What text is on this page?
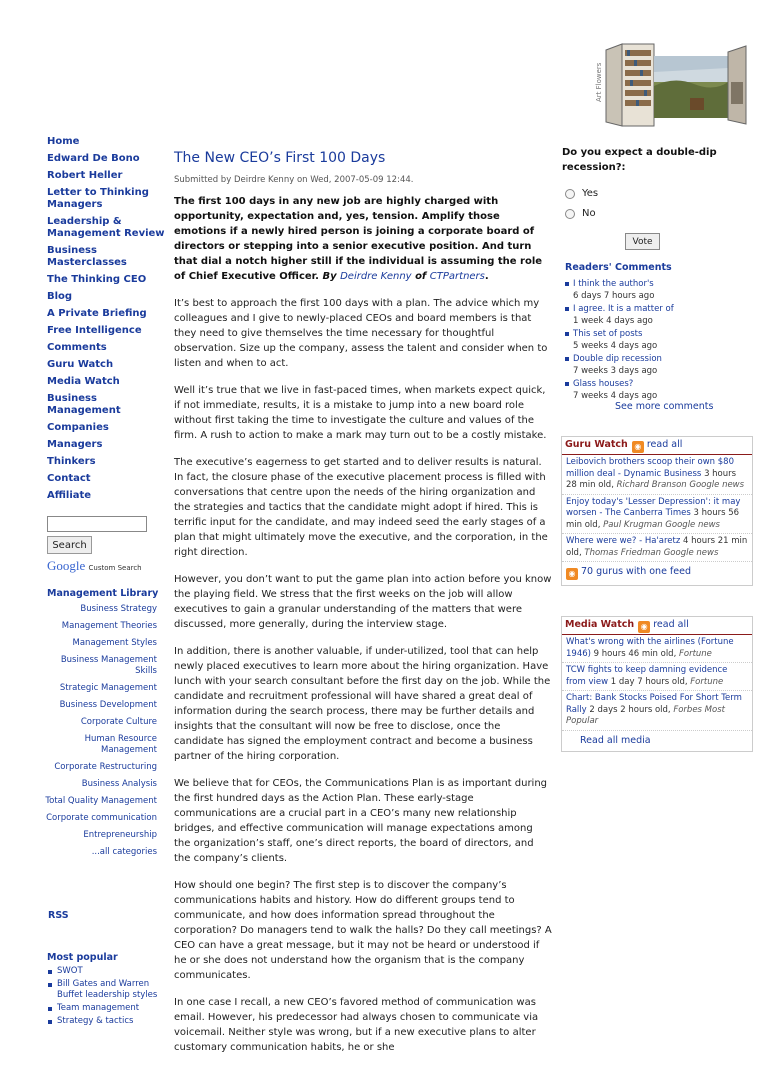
Art Flowers
Home
Edward De Bono
Robert Heller
Letter to Thinking Managers
Leadership & Management Review
Business Masterclasses
The Thinking CEO
Blog
A Private Briefing
Free Intelligence
Comments
Guru Watch
Media Watch
Business Management
Companies
Managers
Thinkers
Contact
Affiliate
Search
Google Custom Search
Management Library
Business Strategy
Management Theories
Management Styles
Business Management Skills
Strategic Management
Business Development
Corporate Culture
Human Resource Management
Corporate Restructuring
Business Analysis
Total Quality Management
Corporate communication
Entrepreneurship
...all categories
RSS
Most popular
SWOT
Bill Gates and Warren Buffet leadership styles
Team management
Strategy & tactics
The New CEO’s First 100 Days
Submitted by Deirdre Kenny on Wed, 2007-05-09 12:44.
The first 100 days in any new job are highly charged with opportunity, expectation and, yes, tension. Amplify those emotions if a newly hired person is joining a corporate board of directors or stepping into a senior executive position. And turn that dial a notch higher still if the individual is assuming the role of Chief Executive Officer. By Deirdre Kenny of CTPartners.

It’s best to approach the first 100 days with a plan. The advice which my colleagues and I give to newly-placed CEOs and board members is that they need to give themselves the time necessary for thoughtful observation. Size up the company, assess the talent and consider when to listen and when to act.

Well it’s true that we live in fast-paced times, when markets expect quick, if not immediate, results, it is a mistake to jump into a new board role without first taking the time to investigate the culture and values of the firm. A rush to action to make a mark may turn out to be a costly mistake.

The executive’s eagerness to get started and to deliver results is natural. In fact, the closure phase of the executive placement process is filled with conversations that centre upon the needs of the hiring organization and the strategies and tactics that the candidate might adopt if hired. This is terrific input for the candidate, and may indeed seed the early stages of a plan that might ultimately move the executive, and the corporation, in the right direction.

However, you don’t want to put the game plan into action before you know the playing field. We stress that the first weeks on the job will allow executives to gain a granular understanding of the matters that were discussed, more generally, during the interview stage.

In addition, there is another valuable, if under-utilized, tool that can help newly placed executives to learn more about the hiring organization. Have lunch with your search consultant before the first day on the job. While the candidate and recruitment professional will have shared a great deal of information during the search process, there may be further details and insights that the consultant will now be free to disclose, once the candidate has signed the employment contract and become a business partner of the hiring corporation.

We believe that for CEOs, the Communications Plan is as important during the first hundred days as the Action Plan. These early-stage communications are a crucial part in a CEO’s many new relationship bridges, and effective communication will manage expectations among the organization’s staff, one’s direct reports, the board of directors, and the company’s clients.

How should one begin? The first step is to discover the company’s communications habits and history. How do different groups tend to communicate, and how does information spread throughout the corporation? Do managers tend to walk the halls? Do they call meetings? A CEO can have a great message, but it may not be heard or understood if he or she does not understand how the organism that is the company communicates.

In one case I recall, a new CEO’s favored method of communication was email. However, his predecessor had always chosen to communicate via voicemail. Neither style was wrong, but if a new executive plans to alter customary communication habits, he or she

Do you expect a double-dip recession?:
Yes
No
Vote
Readers' Comments
I think the author's
6 days 7 hours ago
I agree. It is a matter of
1 week 4 days ago
This set of posts
5 weeks 4 days ago
Double dip recession
7 weeks 3 days ago
Glass houses?
7 weeks 4 days ago
See more comments
Guru Watch ◉ read all
Leibovich brothers scoop their own $80 million deal - Dynamic Business 3 hours 28 min old, Richard Branson Google news
Enjoy today's 'Lesser Depression': it may worsen - The Canberra Times 3 hours 56 min old, Paul Krugman Google news
Where were we? - Ha'aretz 4 hours 21 min old, Thomas Friedman Google news
◉ 70 gurus with one feed
Media Watch ◉ read all
What's wrong with the airlines (Fortune 1946) 9 hours 46 min old, Fortune
TCW fights to keep damning evidence from view 1 day 7 hours old, Fortune
Chart: Bank Stocks Poised For Short Term Rally 2 days 2 hours old, Forbes Most Popular
Read all media
